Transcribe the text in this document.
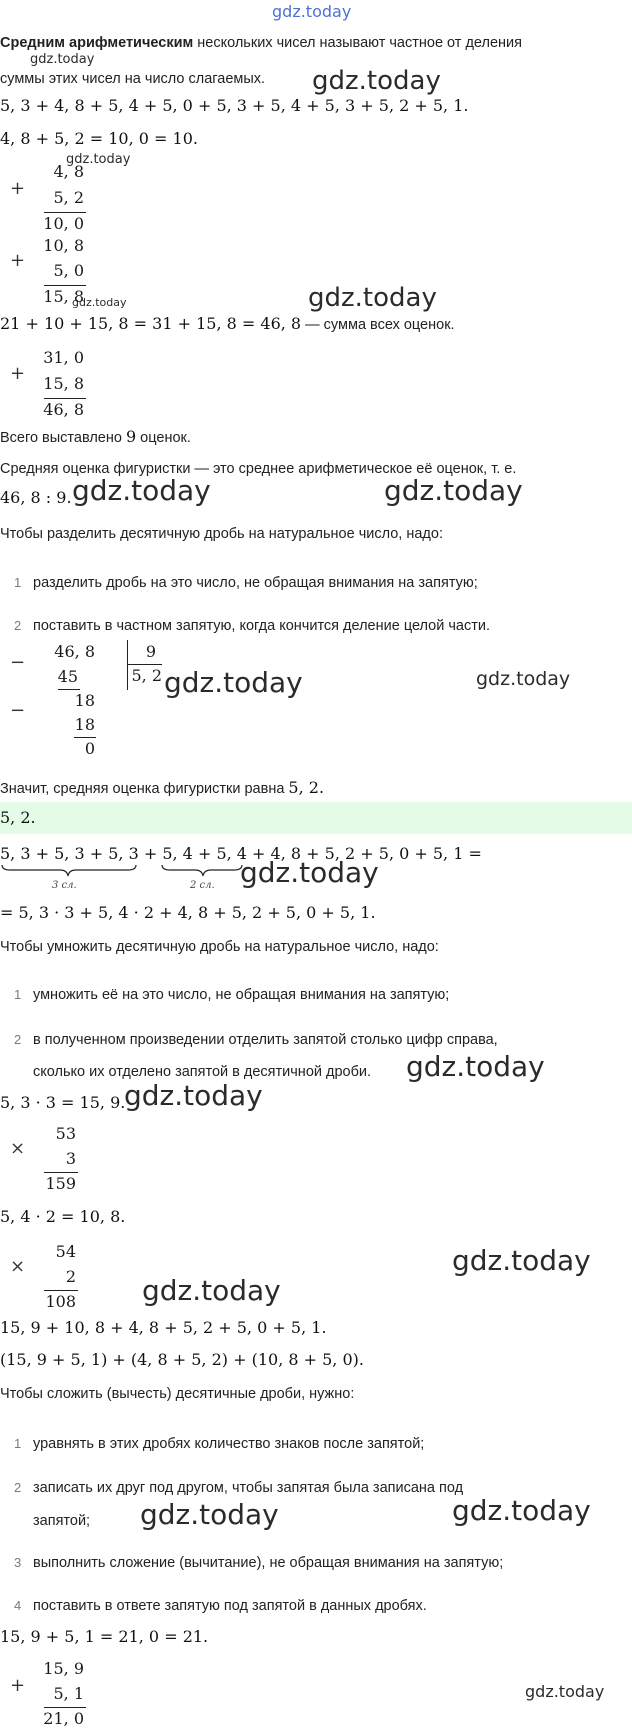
gdz.today
Средним арифметическим нескольких чисел называют частное от деления
суммы этих чисел на число слагаемых.
gdz.today
gdz.today
5, 3 + 4, 8 + 5, 4 + 5, 0 + 5, 3 + 5, 4 + 5, 3 + 5, 2 + 5, 1.
4, 8 + 5, 2 = 10, 0 = 10.
+
4, 8
5, 2
10, 0
gdz.today
+
10, 8
5, 0
15, 8
gdz.today	gdz.today
21 + 10 + 15, 8 = 31 + 15, 8 = 46, 8 — сумма всех оценок.
+
31, 0
15, 8
46, 8
Всего выставлено 9 оценок.
Средняя оценка фигуристки — это среднее арифметическое её оценок, т. е.
46, 8 : 9. gdz.today	gdz.today
Чтобы разделить десятичную дробь на натуральное число, надо:
1 разделить дробь на это число, не обращая внимания на запятую;
2 поставить в частном запятую, когда кончится деление целой части.
−
−
46, 8
45
18
18
0
9
5, 2 gdz.today	gdz.today
Значит, средняя оценка фигуристки равна 5, 2.
5, 2.
5, 3 + 5, 3 + 5, 3 + 5, 4 + 5, 4 + 4, 8 + 5, 2 + 5, 0 + 5, 1 =
3 сл.	2 сл. gdz.today
= 5, 3 · 3 + 5, 4 · 2 + 4, 8 + 5, 2 + 5, 0 + 5, 1.
Чтобы умножить десятичную дробь на натуральное число, надо:
1 умножить её на это число, не обращая внимания на запятую;
2 в полученном произведении отделить запятой столько цифр справа,
сколько их отделено запятой в десятичной дроби. gdz.today
5, 3 · 3 = 15, 9.
gdz.today
×
53
3
159
5, 4 · 2 = 10, 8.
×
54
2
108
gdz.today
gdz.today
15, 9 + 10, 8 + 4, 8 + 5, 2 + 5, 0 + 5, 1.
(15, 9 + 5, 1) + (4, 8 + 5, 2) + (10, 8 + 5, 0).
Чтобы сложить (вычесть) десятичные дроби, нужно:
1 уравнять в этих дробях количество знаков после запятой;
2 записать их друг под другом, чтобы запятая была записана под
запятой; gdz.today	gdz.today
3 выполнить сложение (вычитание), не обращая внимания на запятую;
4 поставить в ответе запятую под запятой в данных дробях.
15, 9 + 5, 1 = 21, 0 = 21.
+
15, 9
5, 1
21, 0
gdz.today
